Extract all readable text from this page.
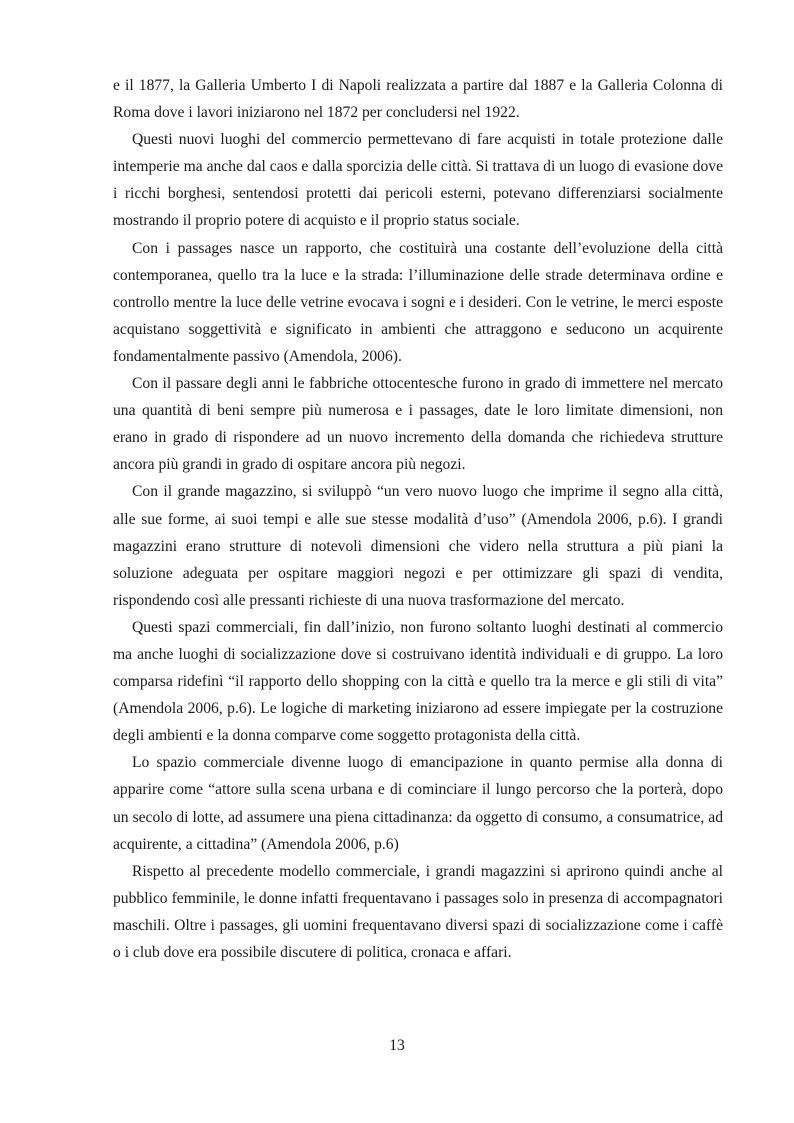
e il 1877, la Galleria Umberto I di Napoli realizzata a partire dal 1887 e la Galleria Colonna di Roma dove i lavori iniziarono nel 1872 per concludersi nel 1922.

Questi nuovi luoghi del commercio permettevano di fare acquisti in totale protezione dalle intemperie ma anche dal caos e dalla sporcizia delle città. Si trattava di un luogo di evasione dove i ricchi borghesi, sentendosi protetti dai pericoli esterni, potevano differenziarsi socialmente mostrando il proprio potere di acquisto e il proprio status sociale.

Con i passages nasce un rapporto, che costituirà una costante dell’evoluzione della città contemporanea, quello tra la luce e la strada: l’illuminazione delle strade determinava ordine e controllo mentre la luce delle vetrine evocava i sogni e i desideri. Con le vetrine, le merci esposte acquistano soggettività e significato in ambienti che attraggono e seducono un acquirente fondamentalmente passivo (Amendola, 2006).

Con il passare degli anni le fabbriche ottocentesche furono in grado di immettere nel mercato una quantità di beni sempre più numerosa e i passages, date le loro limitate dimensioni, non erano in grado di rispondere ad un nuovo incremento della domanda che richiedeva strutture ancora più grandi in grado di ospitare ancora più negozi.

Con il grande magazzino, si sviluppò “un vero nuovo luogo che imprime il segno alla città, alle sue forme, ai suoi tempi e alle sue stesse modalità d’uso” (Amendola 2006, p.6). I grandi magazzini erano strutture di notevoli dimensioni che videro nella struttura a più piani la soluzione adeguata per ospitare maggiori negozi e per ottimizzare gli spazi di vendita, rispondendo così alle pressanti richieste di una nuova trasformazione del mercato.

Questi spazi commerciali, fin dall’inizio, non furono soltanto luoghi destinati al commercio ma anche luoghi di socializzazione dove si costruivano identità individuali e di gruppo. La loro comparsa ridefinì “il rapporto dello shopping con la città e quello tra la merce e gli stili di vita” (Amendola 2006, p.6). Le logiche di marketing iniziarono ad essere impiegate per la costruzione degli ambienti e la donna comparve come soggetto protagonista della città.

Lo spazio commerciale divenne luogo di emancipazione in quanto permise alla donna di apparire come “attore sulla scena urbana e di cominciare il lungo percorso che la porterà, dopo un secolo di lotte, ad assumere una piena cittadinanza: da oggetto di consumo, a consumatrice, ad acquirente, a cittadina” (Amendola 2006, p.6)

Rispetto al precedente modello commerciale, i grandi magazzini si aprirono quindi anche al pubblico femminile, le donne infatti frequentavano i passages solo in presenza di accompagnatori maschili. Oltre i passages, gli uomini frequentavano diversi spazi di socializzazione come i caffè o i club dove era possibile discutere di politica, cronaca e affari.

13
